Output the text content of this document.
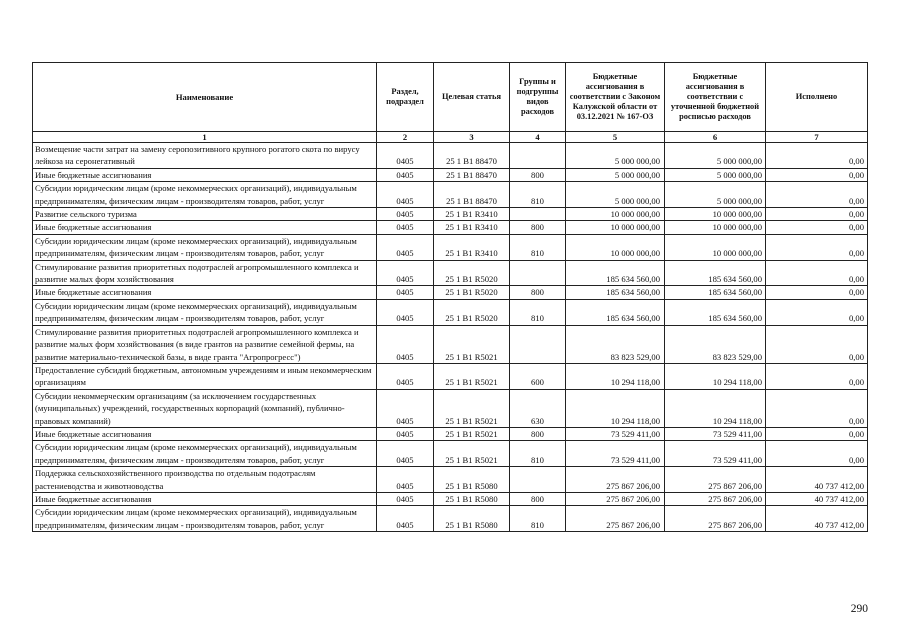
Наименование	Раздел, подраздел	Целевая статья	Группы и подгруппы видов расходов	Бюджетные ассигнования в соответствии с Законом Калужской области от 03.12.2021 № 167-ОЗ	Бюджетные ассигнования в соответствии с уточненной бюджетной росписью расходов	Исполнено
1	2	3	4	5	6	7
Возмещение части затрат на замену серопозитивного крупного рогатого скота по вирусу лейкоза на серонегативный	0405	25 1 B1 88470		5 000 000,00	5 000 000,00	0,00
Иные бюджетные ассигнования	0405	25 1 B1 88470	800	5 000 000,00	5 000 000,00	0,00
Субсидии юридическим лицам (кроме некоммерческих организаций), индивидуальным предпринимателям, физическим лицам - производителям товаров, работ, услуг	0405	25 1 B1 88470	810	5 000 000,00	5 000 000,00	0,00
Развитие сельского туризма	0405	25 1 B1 R3410		10 000 000,00	10 000 000,00	0,00
Иные бюджетные ассигнования	0405	25 1 B1 R3410	800	10 000 000,00	10 000 000,00	0,00
Субсидии юридическим лицам (кроме некоммерческих организаций), индивидуальным предпринимателям, физическим лицам - производителям товаров, работ, услуг	0405	25 1 B1 R3410	810	10 000 000,00	10 000 000,00	0,00
Стимулирование развития приоритетных подотраслей агропромышленного комплекса и развитие малых форм хозяйствования	0405	25 1 B1 R5020		185 634 560,00	185 634 560,00	0,00
Иные бюджетные ассигнования	0405	25 1 B1 R5020	800	185 634 560,00	185 634 560,00	0,00
Субсидии юридическим лицам (кроме некоммерческих организаций), индивидуальным предпринимателям, физическим лицам - производителям товаров, работ, услуг	0405	25 1 B1 R5020	810	185 634 560,00	185 634 560,00	0,00
Стимулирование развития приоритетных подотраслей агропромышленного комплекса и развитие малых форм хозяйствования (в виде грантов на развитие семейной фермы, на развитие материально-технической базы, в виде гранта "Агропрогресс")	0405	25 1 B1 R5021		83 823 529,00	83 823 529,00	0,00
Предоставление субсидий бюджетным, автономным учреждениям и иным некоммерческим организациям	0405	25 1 B1 R5021	600	10 294 118,00	10 294 118,00	0,00
Субсидии некоммерческим организациям (за исключением государственных (муниципальных) учреждений, государственных корпораций (компаний), публично-правовых компаний)	0405	25 1 B1 R5021	630	10 294 118,00	10 294 118,00	0,00
Иные бюджетные ассигнования	0405	25 1 B1 R5021	800	73 529 411,00	73 529 411,00	0,00
Субсидии юридическим лицам (кроме некоммерческих организаций), индивидуальным предпринимателям, физическим лицам - производителям товаров, работ, услуг	0405	25 1 B1 R5021	810	73 529 411,00	73 529 411,00	0,00
Поддержка сельскохозяйственного производства по отдельным подотраслям растениеводства и животноводства	0405	25 1 B1 R5080		275 867 206,00	275 867 206,00	40 737 412,00
Иные бюджетные ассигнования	0405	25 1 B1 R5080	800	275 867 206,00	275 867 206,00	40 737 412,00
Субсидии юридическим лицам (кроме некоммерческих организаций), индивидуальным предпринимателям, физическим лицам - производителям товаров, работ, услуг	0405	25 1 B1 R5080	810	275 867 206,00	275 867 206,00	40 737 412,00
290
